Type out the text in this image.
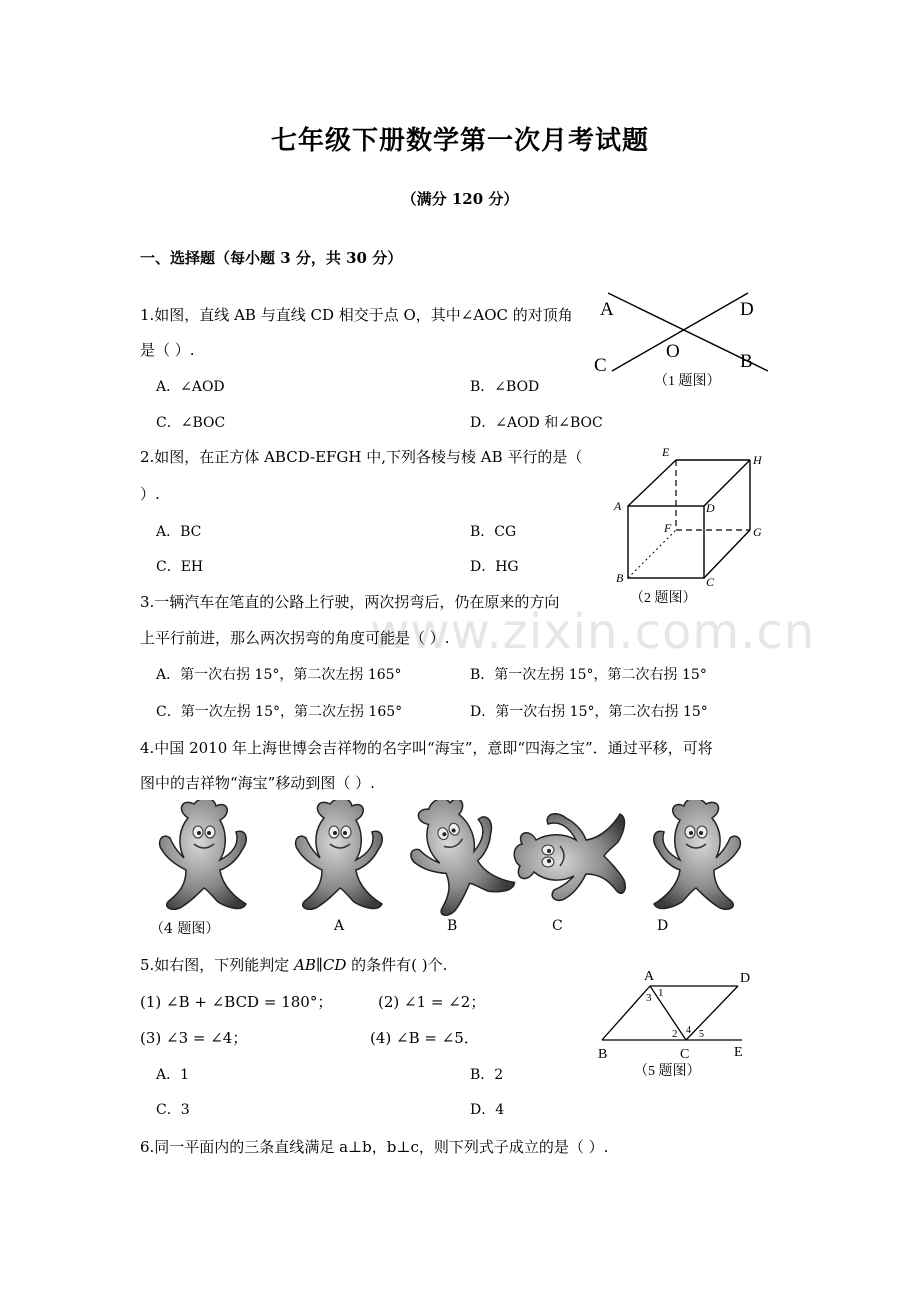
www.zixin.com.cn
七年级下册数学第一次月考试题
（满分 120 分）
一、选择题（每小题 3 分，共 30 分）
1.如图，直线 AB 与直线 CD 相交于点 O，其中∠AOC 的对顶角
是（ ）.
A．∠AOD	B．∠BOD
C．∠BOC	D．∠AOD 和∠BOC
A	D
O
C	B
（1 题图）
2.如图，在正方体 ABCD-EFGH 中,下列各棱与棱 AB 平行的是（
）.
A．BC	B．CG
C．EH	D．HG
E
H
A	D
F	G
B	C
（2 题图）
3.一辆汽车在笔直的公路上行驶，两次拐弯后，仍在原来的方向
上平行前进，那么两次拐弯的角度可能是（ ）.
A．第一次右拐 15°，第二次左拐 165°	B．第一次左拐 15°，第二次右拐 15°
C．第一次左拐 15°，第二次左拐 165°	D．第一次右拐 15°，第二次右拐 15°
4.中国 2010 年上海世博会吉祥物的名字叫“海宝”，意即“四海之宝”．通过平移，可将
图中的吉祥物“海宝”移动到图（ ）.
（4 题图）	A	B	C	D
5.如右图，下列能判定 AB∥CD 的条件有( )个.
(1) ∠B + ∠BCD = 180°；	(2) ∠1 = ∠2；
(3) ∠3 = ∠4；	(4) ∠B = ∠5．
A．1	B．2
C．3	D．4
A	D
B	C	E
1
3
2 4 5
（5 题图）
6.同一平面内的三条直线满足 a⊥b，b⊥c，则下列式子成立的是（ ）.
